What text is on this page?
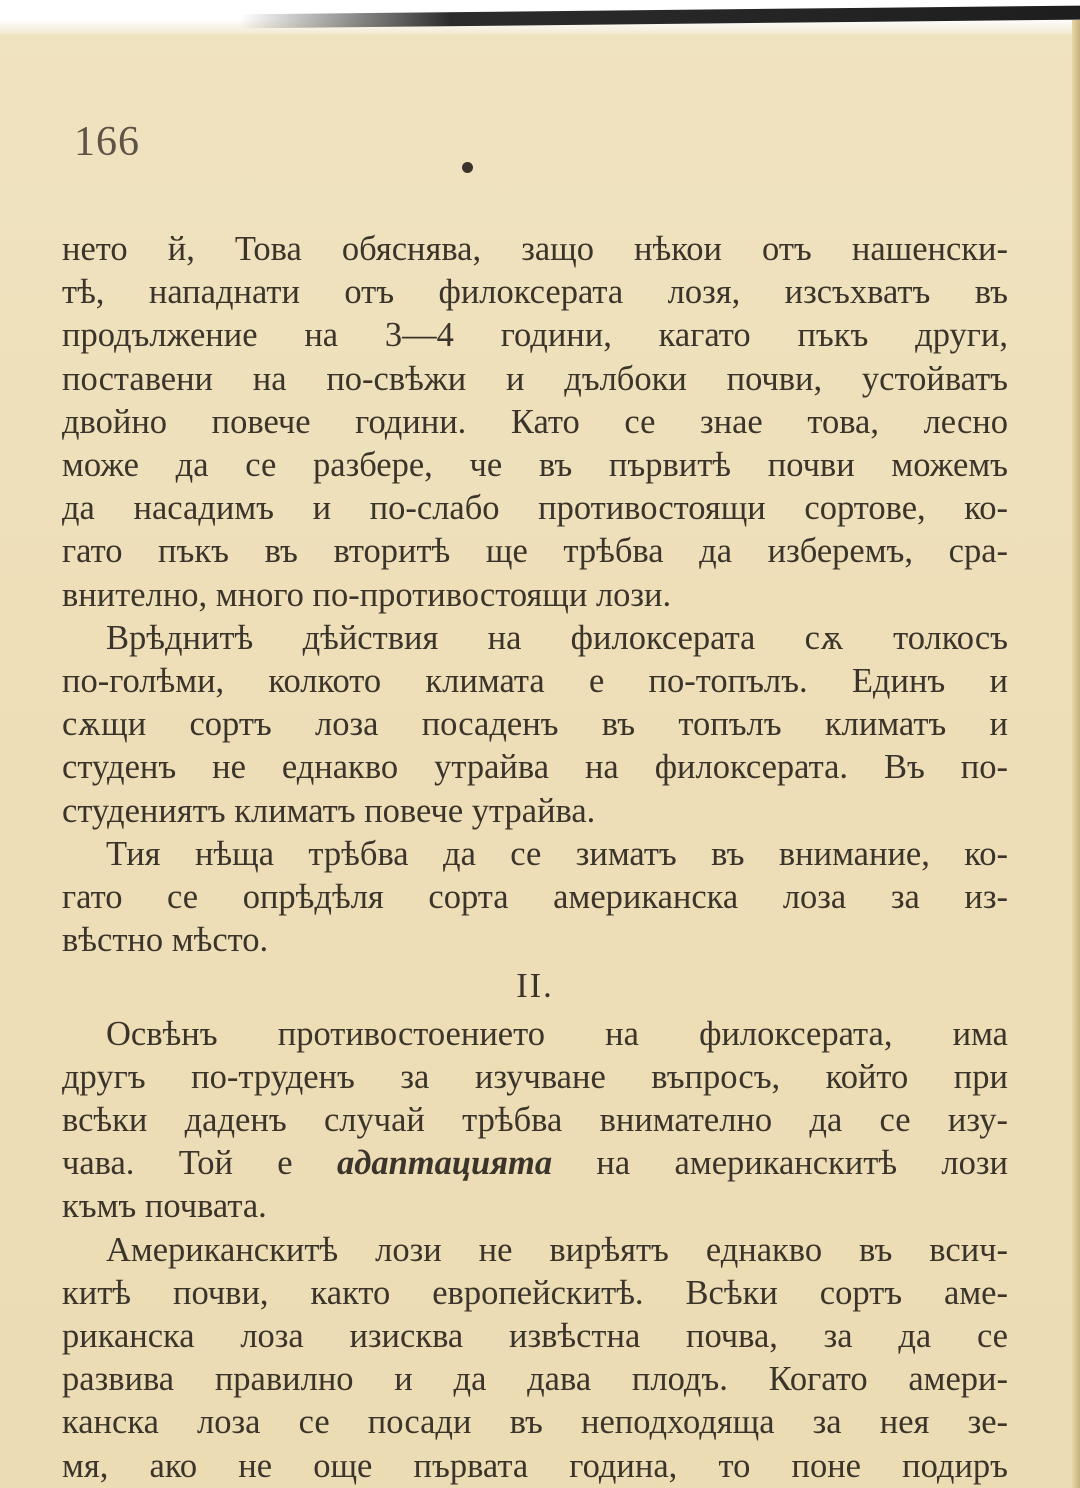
166
нето й, Това обяснява, защо нѣкои отъ нашенски-
тѣ, нападнати отъ филоксерата лозя, изсъхватъ въ
продължение на 3—4 години, кагато пъкъ други,
поставени на по-свѣжи и дълбоки почви, устойватъ
двойно повече години. Като се знае това, лесно
може да се разбере, че въ първитѣ почви можемъ
да насадимъ и по-слабо противостоящи сортове, ко-
гато пъкъ въ вторитѣ ще трѣбва да изберемъ, сра-
внително, много по-противостоящи лози.
Врѣднитѣ дѣйствия на филоксерата сѫ толкосъ
по-голѣми, колкото климата е по-топълъ. Единъ и
сѫщи сортъ лоза посаденъ въ топълъ климатъ и
студенъ не еднакво утрайва на филоксерата. Въ по-
студениятъ климатъ повече утрайва.
Тия нѣща трѣбва да се зиматъ въ внимание, ко-
гато се опрѣдѣля сорта американска лоза за из-
вѣстно мѣсто.
II.
Освѣнъ противостоението на филоксерата, има
другъ по-труденъ за изучване въпросъ, който при
всѣки даденъ случай трѣбва внимателно да се изу-
чава. Той е адаптацията на американскитѣ лози
къмъ почвата.
Американскитѣ лози не вирѣятъ еднакво въ всич-
китѣ почви, както европейскитѣ. Всѣки сортъ аме-
риканска лоза изисква извѣстна почва, за да се
развива правилно и да дава плодъ. Когато амери-
канска лоза се посади въ неподходяща за нея зе-
мя, ако не още първата година, то поне подиръ
